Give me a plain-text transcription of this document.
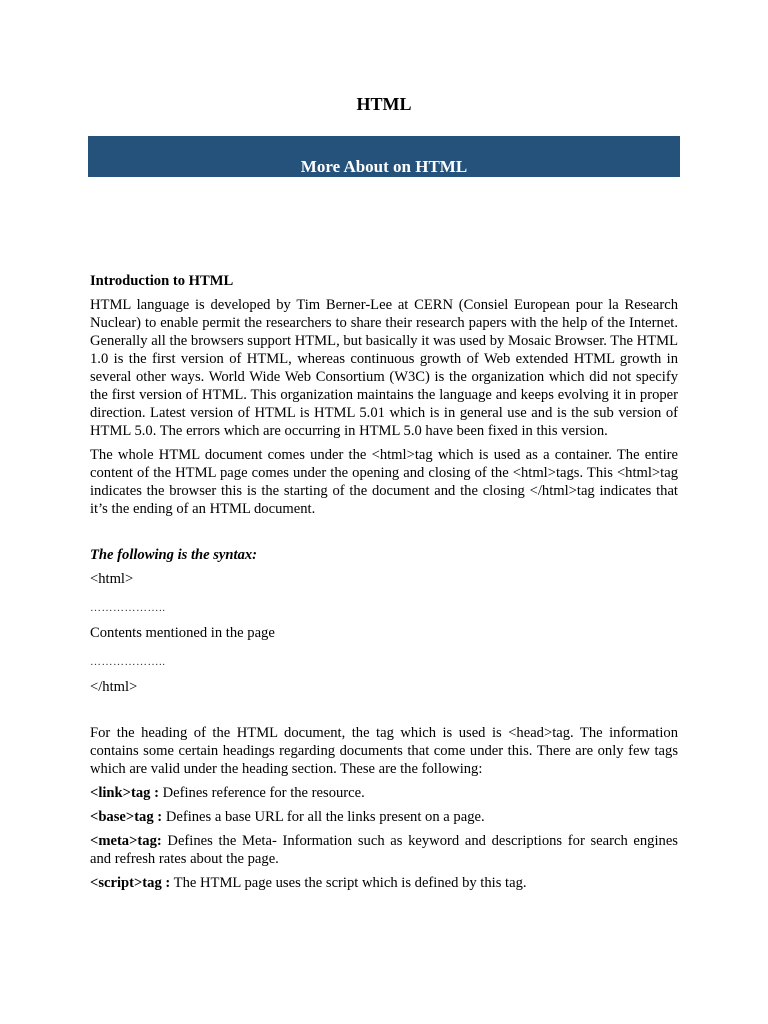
HTML
More About on HTML

Introduction to HTML

HTML language is developed by Tim Berner-Lee at CERN (Consiel European pour la Research Nuclear) to enable permit the researchers to share their research papers with the help of the Internet. Generally all the browsers support HTML, but basically it was used by Mosaic Browser. The HTML 1.0 is the first version of HTML, whereas continuous growth of Web extended HTML growth in several other ways. World Wide Web Consortium (W3C) is the organization which did not specify the first version of HTML. This organization maintains the language and keeps evolving it in proper direction. Latest version of HTML is HTML 5.01 which is in general use and is the sub version of HTML 5.0. The errors which are occurring in HTML 5.0 have been fixed in this version.

The whole HTML document comes under the <html>tag which is used as a container. The entire content of the HTML page comes under the opening and closing of the <html>tags. This <html>tag indicates the browser this is the starting of the document and the closing </html>tag indicates that it’s the ending of an HTML document.

The following is the syntax:

<html>

………………..

Contents mentioned in the page

………………..

</html>

For the heading of the HTML document, the tag which is used is <head>tag. The information contains some certain headings regarding documents that come under this. There are only few tags which are valid under the heading section. These are the following:

<link>tag : Defines reference for the resource.

<base>tag : Defines a base URL for all the links present on a page.

<meta>tag: Defines the Meta- Information such as keyword and descriptions for search engines and refresh rates about the page.

<script>tag : The HTML page uses the script which is defined by this tag.
